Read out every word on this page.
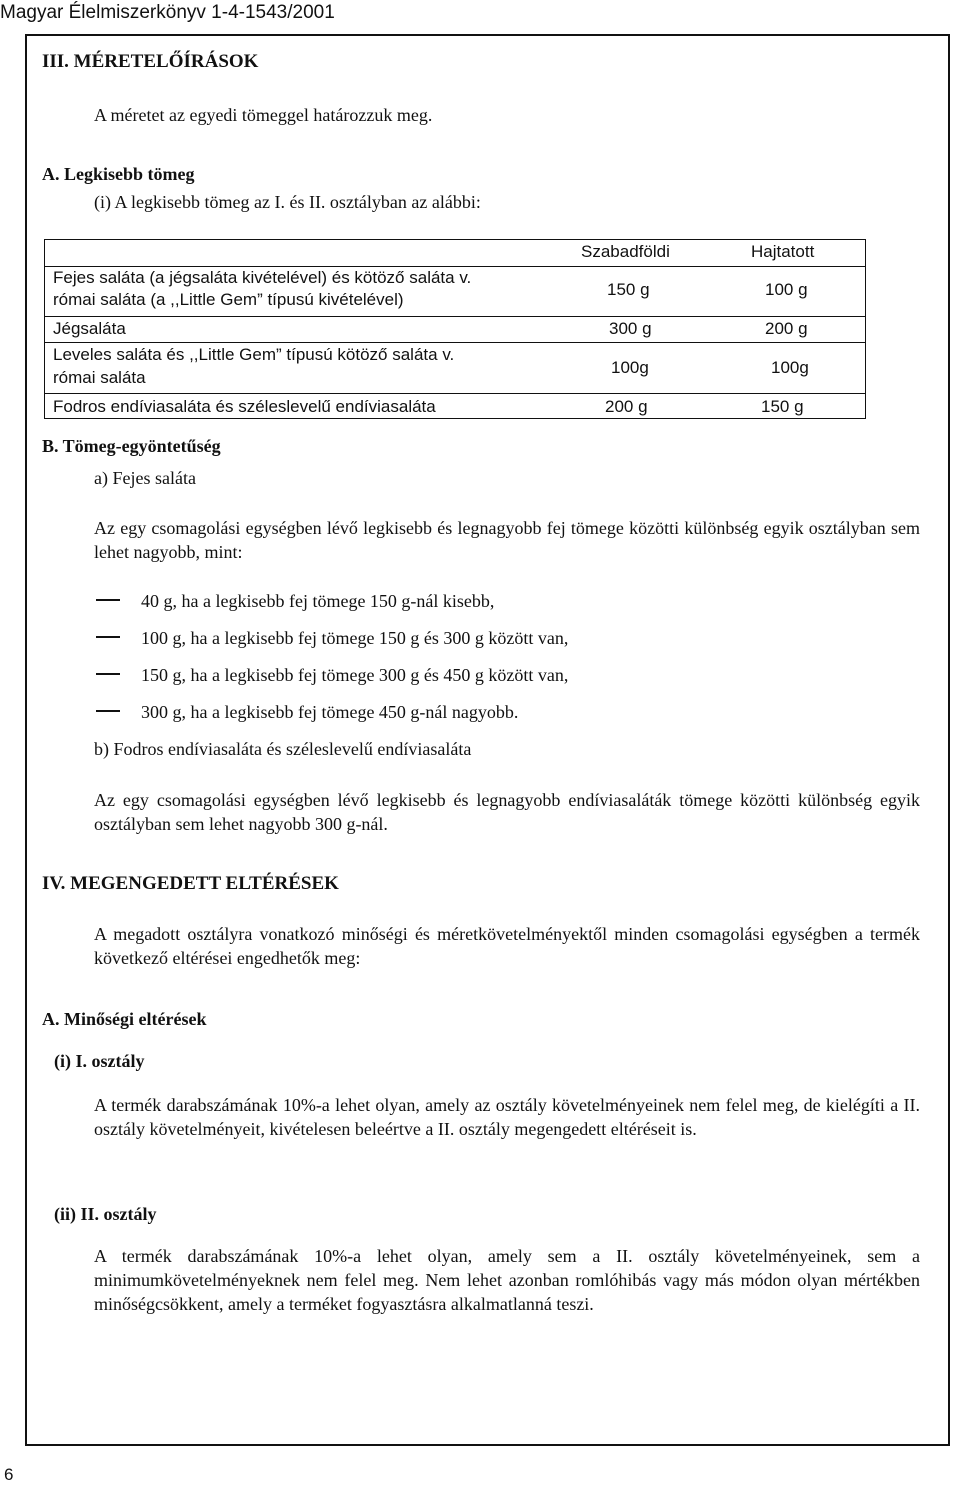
Magyar Élelmiszerkönyv 1-4-1543/2001
III. MÉRETELŐÍRÁSOK
A méretet az egyedi tömeggel határozzuk meg.
A. Legkisebb tömeg
(i) A legkisebb tömeg az I. és II. osztályban az alábbi:
Szabadföldi	Hajtatott
Fejes saláta (a jégsaláta kivételével) és kötöző saláta v.
római saláta (a ,,Little Gem” típusú kivételével)
150 g	100 g
Jégsaláta	300 g	200 g
Leveles saláta és ,,Little Gem” típusú kötöző saláta v.
római saláta
100g	100g
Fodros endíviasaláta és széleslevelű endíviasaláta	200 g	150 g
B. Tömeg-egyöntetűség
a) Fejes saláta
Az egy csomagolási egységben lévő legkisebb és legnagyobb fej tömege közötti különbség egyik osztályban sem lehet nagyobb, mint:
40 g, ha a legkisebb fej tömege 150 g-nál kisebb,
100 g, ha a legkisebb fej tömege 150 g és 300 g között van,
150 g, ha a legkisebb fej tömege 300 g és 450 g között van,
300 g, ha a legkisebb fej tömege 450 g-nál nagyobb.
b) Fodros endíviasaláta és széleslevelű endíviasaláta
Az egy csomagolási egységben lévő legkisebb és legnagyobb endíviasaláták tömege közötti különbség egyik osztályban sem lehet nagyobb 300 g-nál.
IV. MEGENGEDETT ELTÉRÉSEK
A megadott osztályra vonatkozó minőségi és méretkövetelményektől minden csomagolási egységben a termék következő eltérései engedhetők meg:
A. Minőségi eltérések
(i) I. osztály
A termék darabszámának 10%-a lehet olyan, amely az osztály követelményeinek nem felel meg, de kielégíti a II. osztály követelményeit, kivételesen beleértve a II. osztály megengedett eltéréseit is.
(ii) II. osztály
A termék darabszámának 10%-a lehet olyan, amely sem a II. osztály követelményeinek, sem a minimumkövetelményeknek nem felel meg. Nem lehet azonban romlóhibás vagy más módon olyan mértékben minőségcsökkent, amely a terméket fogyasztásra alkalmatlanná teszi.
6
